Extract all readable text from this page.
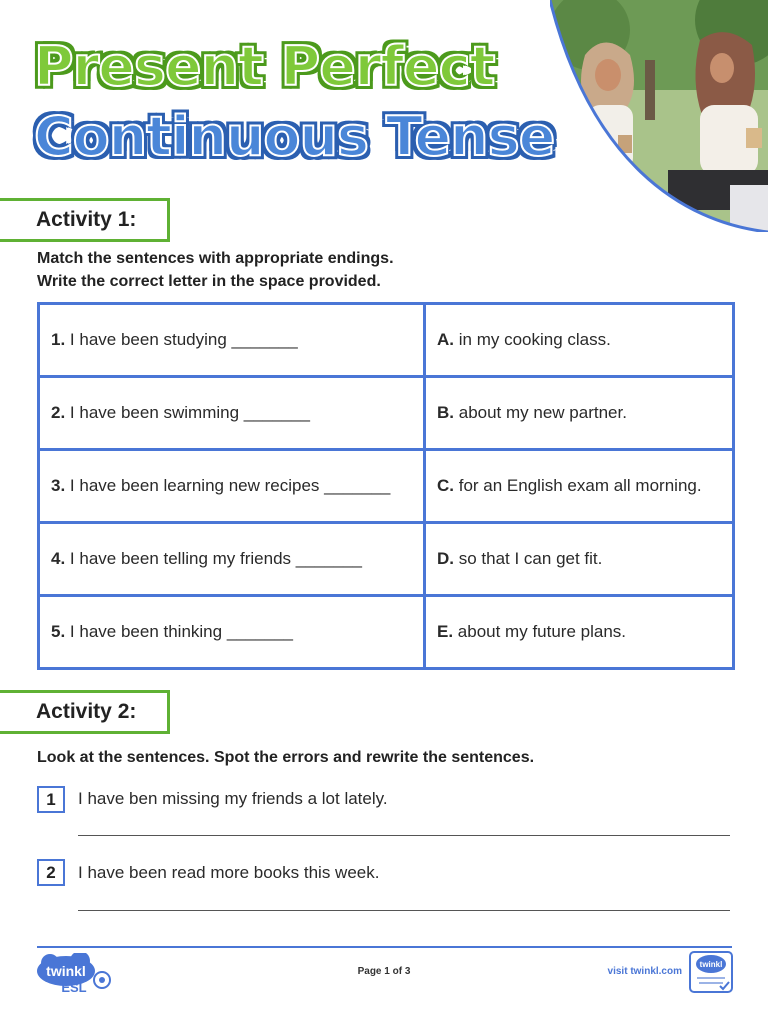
Present Perfect
Continuous Tense
Activity 1:
Match the sentences with appropriate endings.
Write the correct letter in the space provided.
1. I have been studying _______	A. in my cooking class.
2. I have been swimming _______	B. about my new partner.
3. I have been learning new recipes _______	C. for an English exam all morning.
4. I have been telling my friends _______	D. so that I can get fit.
5. I have been thinking _______	E. about my future plans.
Activity 2:
Look at the sentences. Spot the errors and rewrite the sentences.
1	I have ben missing my friends a lot lately.
2	I have been read more books this week.
twinkl
ESL
Page 1 of 3	visit twinkl.com
twinkl
